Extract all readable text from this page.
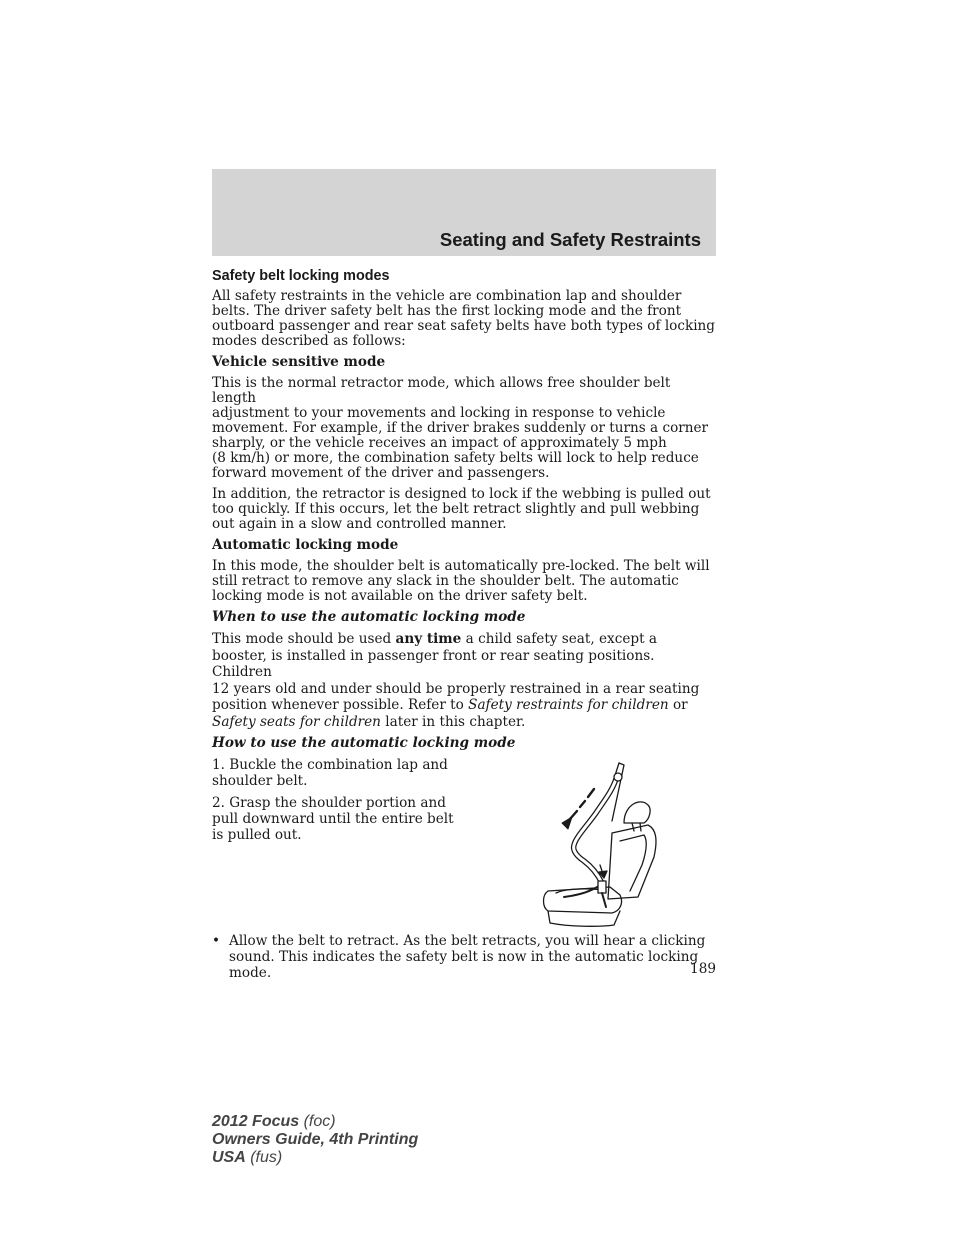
Seating and Safety Restraints
Safety belt locking modes

All safety restraints in the vehicle are combination lap and shoulder
belts. The driver safety belt has the first locking mode and the front
outboard passenger and rear seat safety belts have both types of locking
modes described as follows:

Vehicle sensitive mode

This is the normal retractor mode, which allows free shoulder belt length
adjustment to your movements and locking in response to vehicle
movement. For example, if the driver brakes suddenly or turns a corner
sharply, or the vehicle receives an impact of approximately 5 mph
(8 km/h) or more, the combination safety belts will lock to help reduce
forward movement of the driver and passengers.

In addition, the retractor is designed to lock if the webbing is pulled out
too quickly. If this occurs, let the belt retract slightly and pull webbing
out again in a slow and controlled manner.

Automatic locking mode

In this mode, the shoulder belt is automatically pre-locked. The belt will
still retract to remove any slack in the shoulder belt. The automatic
locking mode is not available on the driver safety belt.

When to use the automatic locking mode

This mode should be used any time a child safety seat, except a
booster, is installed in passenger front or rear seating positions. Children
12 years old and under should be properly restrained in a rear seating
position whenever possible. Refer to Safety restraints for children or
Safety seats for children later in this chapter.

How to use the automatic locking mode

1. Buckle the combination lap and
shoulder belt.

2. Grasp the shoulder portion and
pull downward until the entire belt
is pulled out.

• Allow the belt to retract. As the belt retracts, you will hear a clicking
sound. This indicates the safety belt is now in the automatic locking
mode.	189
2012 Focus (foc)
Owners Guide, 4th Printing
USA (fus)
